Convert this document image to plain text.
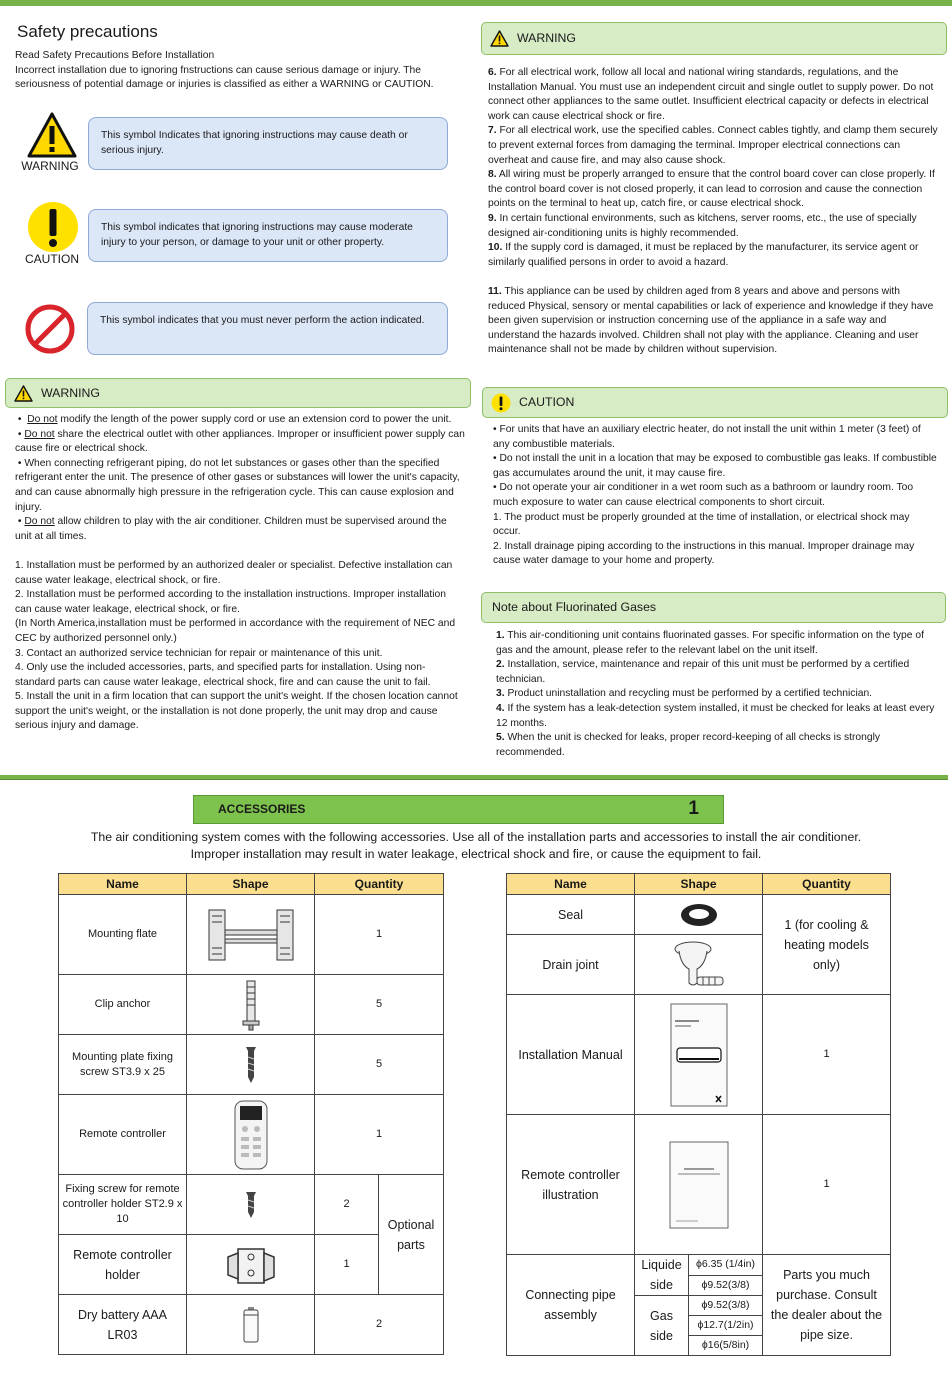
Safety precautions

Read Safety Precautions Before Installation

Incorrect installation due to ignoring fnstructions can cause serious damage or injury. The seriousness of potential damage or injuries is classified as either a WARNING or CAUTION.

WARNING
This symbol Indicates that ignoring instructions may cause death or serious injury.
CAUTION
This symbol indicates that ignoring instructions may cause moderate injury to your person, or damage to your unit or other property.
This symbol indicates that you must never perform the action indicated.
WARNING

•  Do not modify the length of the power supply cord or use an extension cord to power the unit.

• Do not share the electrical outlet with other appliances. Improper or insufficient power supply can cause fire or electrical shock.

• When connecting refrigerant piping, do not let substances or gases other than the specified refrigerant enter the unit. The presence of other gases or substances will lower the unit's capacity, and can cause abnormally high pressure in the refrigeration cycle. This can cause explosion and injury.

• Do not allow children to play with the air conditioner. Children must be supervised around the unit at all times.

1. Installation must be performed by an authorized dealer or specialist. Defective installation can cause water leakage, electrical shock, or fire.

2. Installation must be performed according to the installation instructions. Improper installation can cause water leakage, electrical shock, or fire.

(In North America,installation must be performed in accordance with the requirement of NEC and CEC by authorized personnel only.)

3. Contact an authorized service technician for repair or maintenance of this unit.

4. Only use the included accessories, parts, and specified parts for installation. Using non-standard parts can cause water leakage, electrical shock, fire and can cause the unit to fail.

5. Install the unit in a firm location that can support the unit's weight. If the chosen location cannot support the unit's weight, or the installation is not done properly, the unit may drop and cause serious injury and damage.

WARNING

6. For all electrical work, follow all local and national wiring standards, regulations, and the Installation Manual. You must use an independent circuit and single outlet to supply power. Do not connect other appliances to the same outlet. Insufficient electrical capacity or defects in electrical work can cause electrical shock or fire.

7. For all electrical work, use the specified cables. Connect cables tightly, and clamp them securely to prevent external forces from damaging the terminal. Improper electrical connections can overheat and cause fire, and may also cause shock.

8. All wiring must be properly arranged to ensure that the control board cover can close properly. If the control board cover is not closed properly, it can lead to corrosion and cause the connection points on the terminal to heat up, catch fire, or cause electrical shock.

9. In certain functional environments, such as kitchens, server rooms, etc., the use of specially designed air-conditioning units is highly recommended.

10. If the supply cord is damaged, it must be replaced by the manufacturer, its service agent or similarly qualified persons in order to avoid a hazard.

11. This appliance can be used by children aged from 8 years and above and persons with reduced Physical, sensory or mental capabilities or lack of experience and knowledge if they have been given supervision or instruction concerning use of the appliance in a safe way and understand the hazards involved. Children shall not play with the appliance. Cleaning and user maintenance shall not be made by children without supervision.

CAUTION

• For units that have an auxiliary electric heater, do not install the unit within 1 meter (3 feet) of any combustible materials.

• Do not install the unit in a location that may be exposed to combustible gas leaks. If combustible gas accumulates around the unit, it may cause fire.

• Do not operate your air conditioner in a wet room such as a bathroom or laundry room. Too much exposure to water can cause electrical components to short circuit.

1. The product must be properly grounded at the time of installation, or electrical shock may occur.

2. Install drainage piping according to the instructions in this manual. Improper drainage may cause water damage to your home and property.

Note about Fluorinated Gases

1. This air-conditioning unit contains fluorinated gasses. For specific information on the type of gas and the amount, please refer to the relevant label on the unit itself.

2. Installation, service, maintenance and repair of this unit must be performed by a certified technician.

3. Product uninstallation and recycling must be performed by a certified technician.

4. If the system has a leak-detection system installed, it must be checked for leaks at least every 12 months.

5. When the unit is checked for leaks, proper record-keeping of all checks is strongly recommended.

ACCESSORIES	1
The air conditioning system comes with the following accessories. Use all of the installation parts and accessories to install the air conditioner. Improper installation may result in water leakage, electrical shock and fire, or cause the equipment to fail.
Name	Shape	Quantity	
Mounting flate		1	
Clip anchor		5	
Mounting plate fixing screw ST3.9 x 25		5	
Remote controller		1	
Fixing screw for remote controller holder ST2.9 x 10		2	Optional parts
Remote controller holder		1	
Dry battery AAA LR03		2	
Name	Shape		Quantity
Seal			1 (for cooling & heating models only)
Drain joint	

Installation Manual			1
Remote controller illustration			1
Connecting pipe assembly	Liquide side	ϕ6.35 (1/4in)	Parts you much purchase. Consult the dealer about the pipe size.
		ϕ9.52(3/8)	
	Gas side	ϕ9.52(3/8)	
		ϕ12.7(1/2in)	
		ϕ16(5/8in)	
